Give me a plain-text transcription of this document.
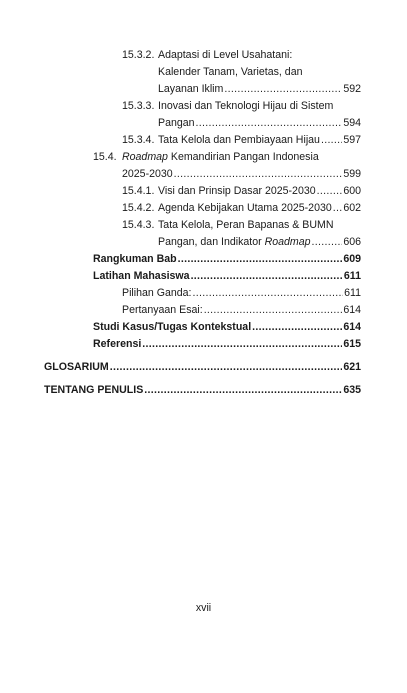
15.3.2. Adaptasi di Level Usahatani:
Kalender Tanam, Varietas, dan
Layanan Iklim .....	592
15.3.3. Inovasi dan Teknologi Hijau di Sistem
Pangan .....	594
15.3.4. Tata Kelola dan Pembiayaan Hijau ..... 597
15.4. Roadmap Kemandirian Pangan Indonesia
2025-2030 .....	599
15.4.1. Visi dan Prinsip Dasar 2025-2030 .....	600
15.4.2. Agenda Kebijakan Utama 2025-2030 ..... 602
15.4.3. Tata Kelola, Peran Bapanas & BUMN
Pangan, dan Indikator Roadmap .....	606
Rangkuman Bab .....	609
Latihan Mahasiswa .....	611
Pilihan Ganda: .....	611
Pertanyaan Esai: .....	614
Studi Kasus/Tugas Kontekstual .....	614
Referensi .....	615
GLOSARIUM .....	621
TENTANG PENULIS .....	635
xvii
